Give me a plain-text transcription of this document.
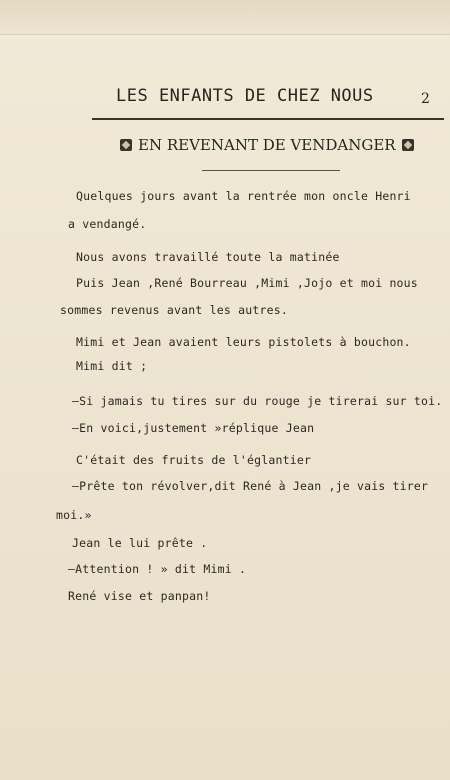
LES ENFANTS DE CHEZ NOUS	2
EN REVENANT DE VENDANGER
Quelques jours avant la rentrée mon oncle Henri
a vendangé.
Nous avons travaillé toute la matinée
Puis Jean ,René Bourreau ,Mimi ,Jojo et moi nous
sommes revenus avant les autres.
Mimi et Jean avaient leurs pistolets à bouchon.
Mimi dit ;
—Si jamais tu tires sur du rouge je tirerai sur toi.
—En voici,justement »réplique Jean
C'était des fruits de l'églantier
—Prête ton révolver,dit René à Jean ,je vais tirer
moi.»
Jean le lui prête .
—Attention ! » dit Mimi .
René vise et panpan!
